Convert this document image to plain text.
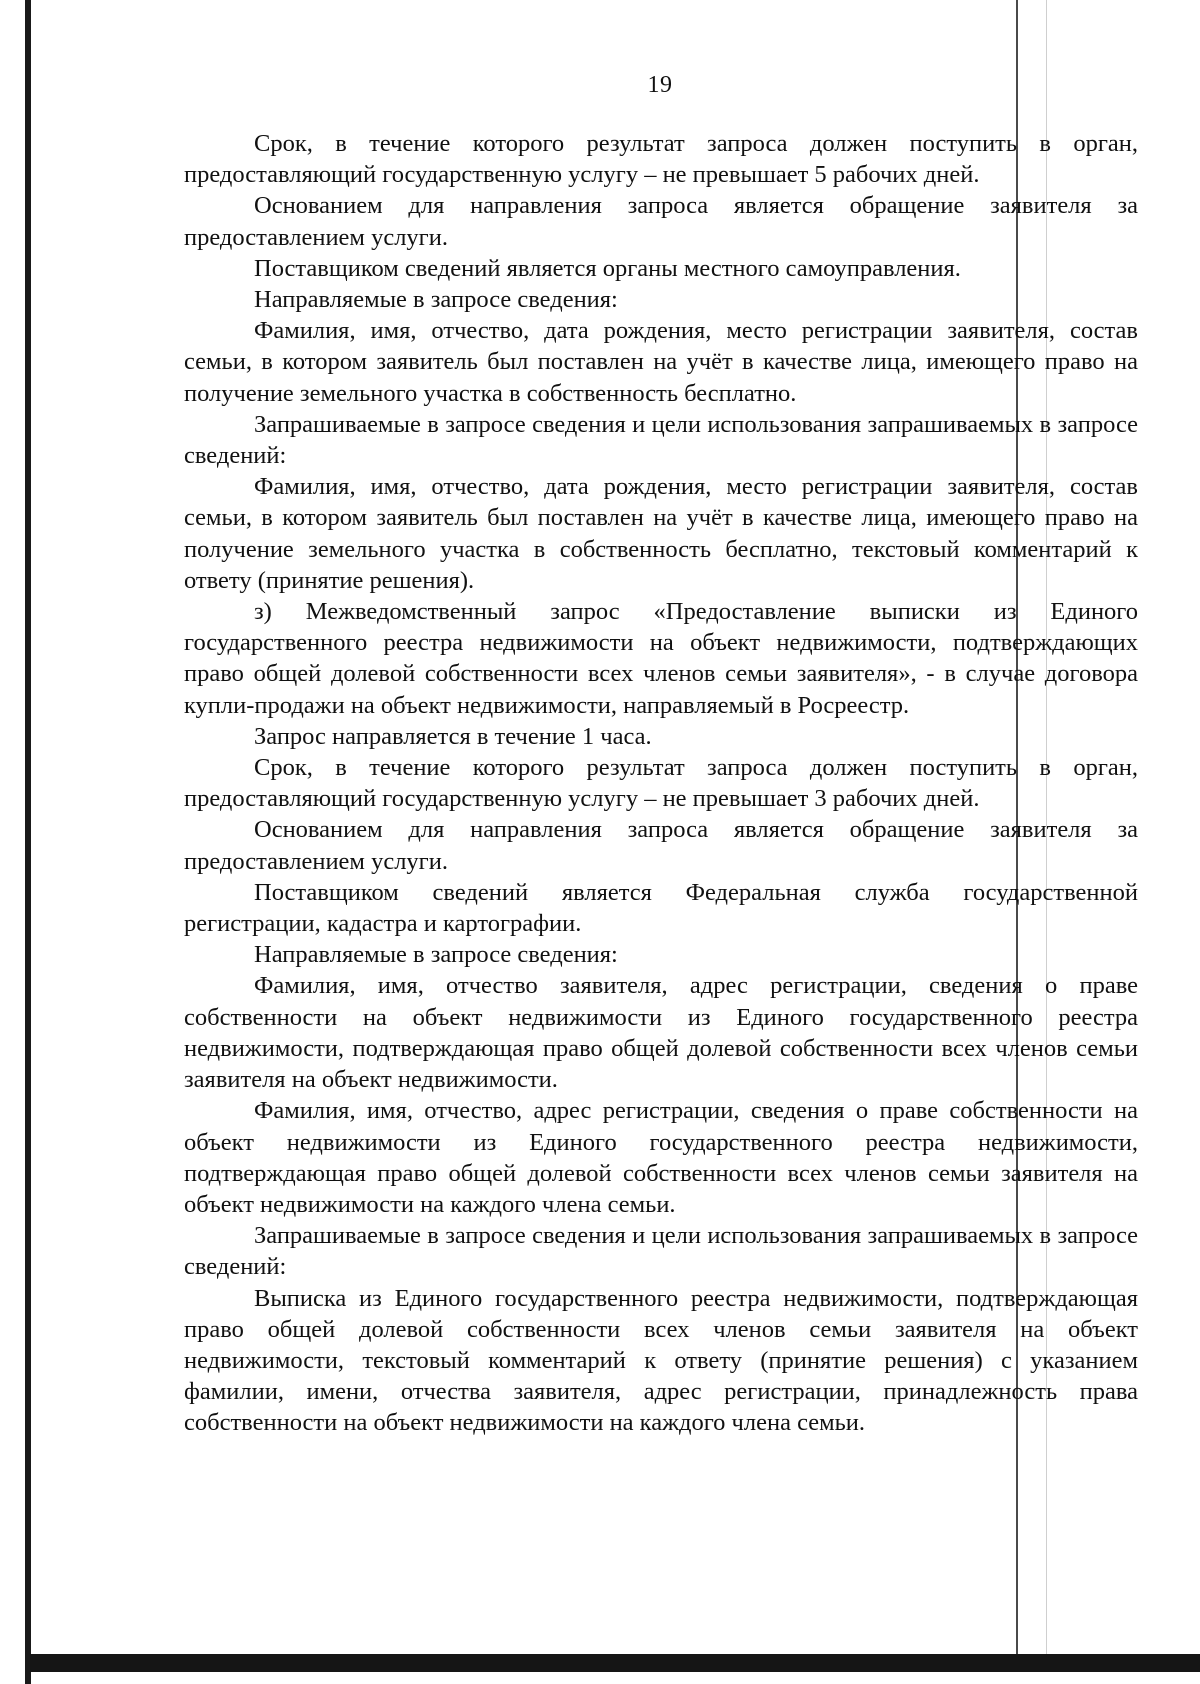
19

Срок, в течение которого результат запроса должен поступить в орган, предоставляющий государственную услугу – не превышает 5 рабочих дней.

Основанием для направления запроса является обращение заявителя за предоставлением услуги.

Поставщиком сведений является органы местного самоуправления.

Направляемые в запросе сведения:

Фамилия, имя, отчество, дата рождения, место регистрации заявителя, состав семьи, в котором заявитель был поставлен на учёт в качестве лица, имеющего право на получение земельного участка в собственность бесплатно.

Запрашиваемые в запросе сведения и цели использования запрашиваемых в запросе сведений:

Фамилия, имя, отчество, дата рождения, место регистрации заявителя, состав семьи, в котором заявитель был поставлен на учёт в качестве лица, имеющего право на получение земельного участка в собственность бесплатно, текстовый комментарий к ответу (принятие решения).

з) Межведомственный запрос «Предоставление выписки из Единого государственного реестра недвижимости на объект недвижимости, подтверждающих право общей долевой собственности всех членов семьи заявителя», - в случае договора купли-продажи на объект недвижимости, направляемый в Росреестр.

Запрос направляется в течение 1 часа.

Срок, в течение которого результат запроса должен поступить в орган, предоставляющий государственную услугу – не превышает 3 рабочих дней.

Основанием для направления запроса является обращение заявителя за предоставлением услуги.

Поставщиком сведений является Федеральная служба государственной регистрации, кадастра и картографии.

Направляемые в запросе сведения:

Фамилия, имя, отчество заявителя, адрес регистрации, сведения о праве собственности на объект недвижимости из Единого государственного реестра недвижимости, подтверждающая право общей долевой собственности всех членов семьи заявителя на объект недвижимости.

Фамилия, имя, отчество, адрес регистрации, сведения о праве собственности на объект недвижимости из Единого государственного реестра недвижимости, подтверждающая право общей долевой собственности всех членов семьи заявителя на объект недвижимости на каждого члена семьи.

Запрашиваемые в запросе сведения и цели использования запрашиваемых в запросе сведений:

Выписка из Единого государственного реестра недвижимости, подтверждающая право общей долевой собственности всех членов семьи заявителя на объект недвижимости, текстовый комментарий к ответу (принятие решения) с указанием фамилии, имени, отчества заявителя, адрес регистрации, принадлежность права собственности на объект недвижимости на каждого члена семьи.
